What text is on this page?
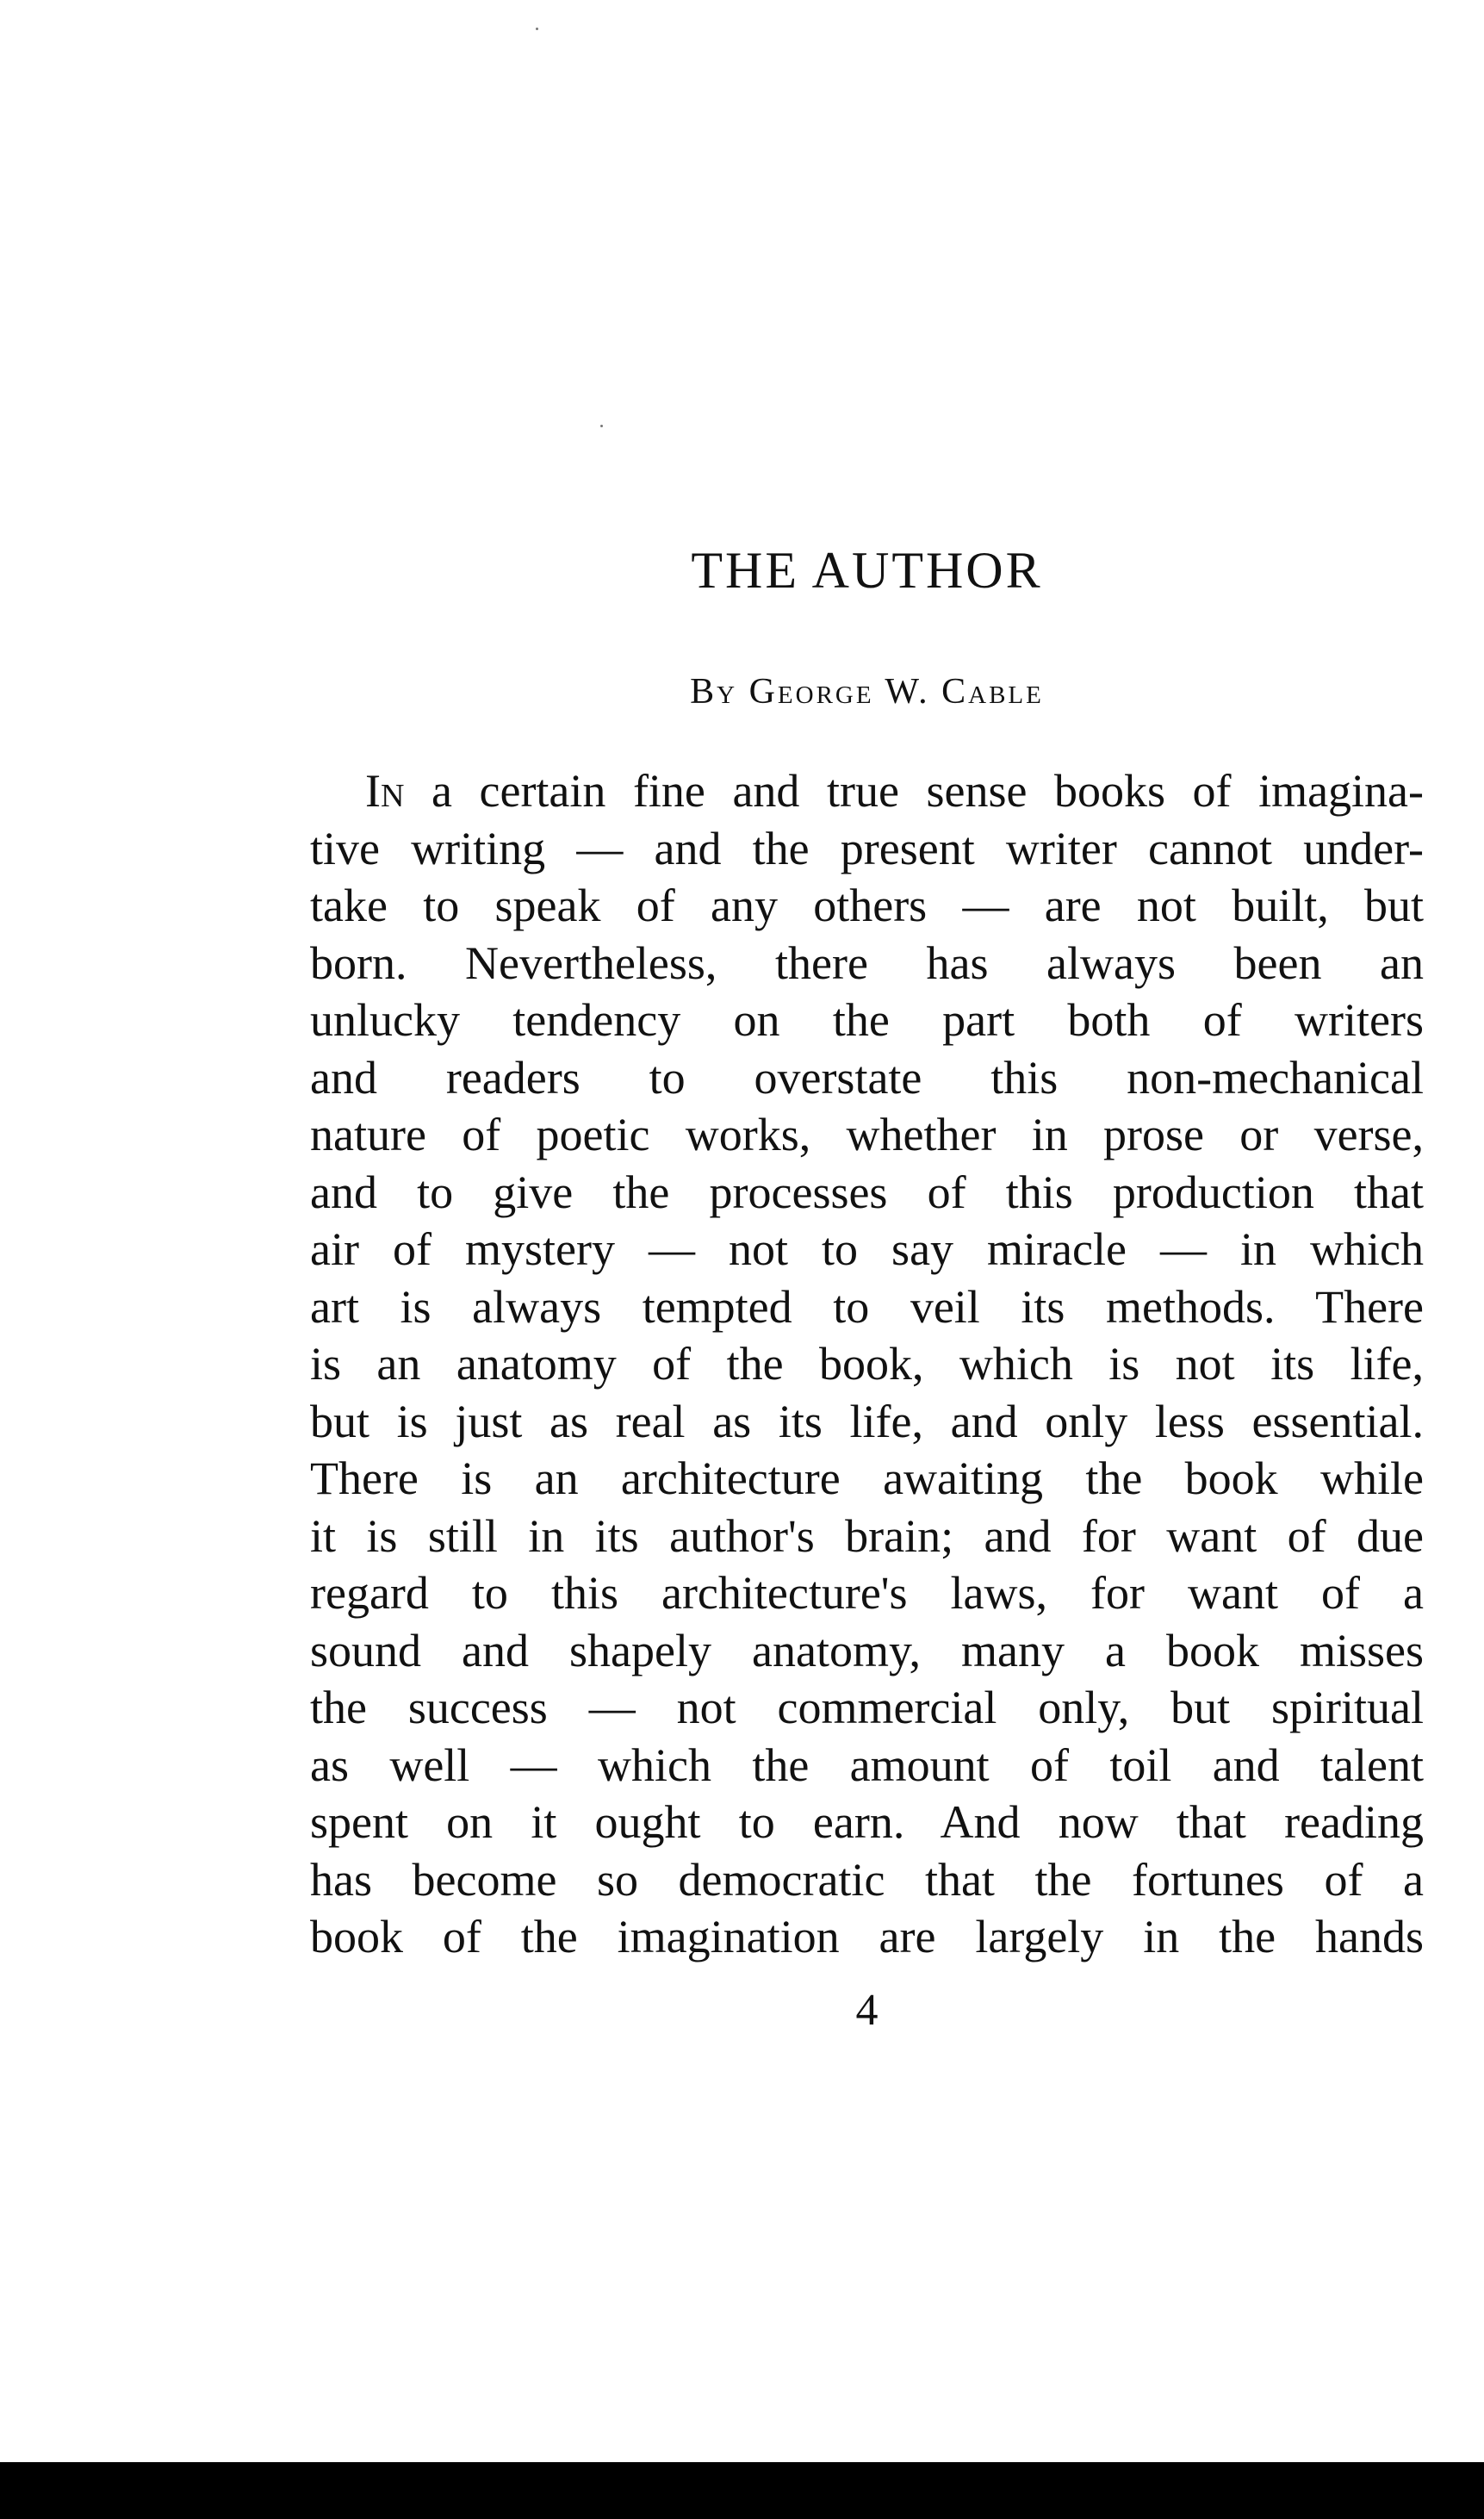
THE AUTHOR

By George W. Cable

In a certain fine and true sense books of imagina-
tive writing — and the present writer cannot under-
take to speak of any others — are not built, but
born. Nevertheless, there has always been an
unlucky tendency on the part both of writers
and readers to overstate this non-mechanical
nature of poetic works, whether in prose or verse,
and to give the processes of this production that
air of mystery — not to say miracle — in which
art is always tempted to veil its methods. There
is an anatomy of the book, which is not its life,
but is just as real as its life, and only less essential.
There is an architecture awaiting the book while
it is still in its author's brain; and for want of due
regard to this architecture's laws, for want of a
sound and shapely anatomy, many a book misses
the success — not commercial only, but spiritual
as well — which the amount of toil and talent
spent on it ought to earn. And now that reading
has become so democratic that the fortunes of a
book of the imagination are largely in the hands

4
